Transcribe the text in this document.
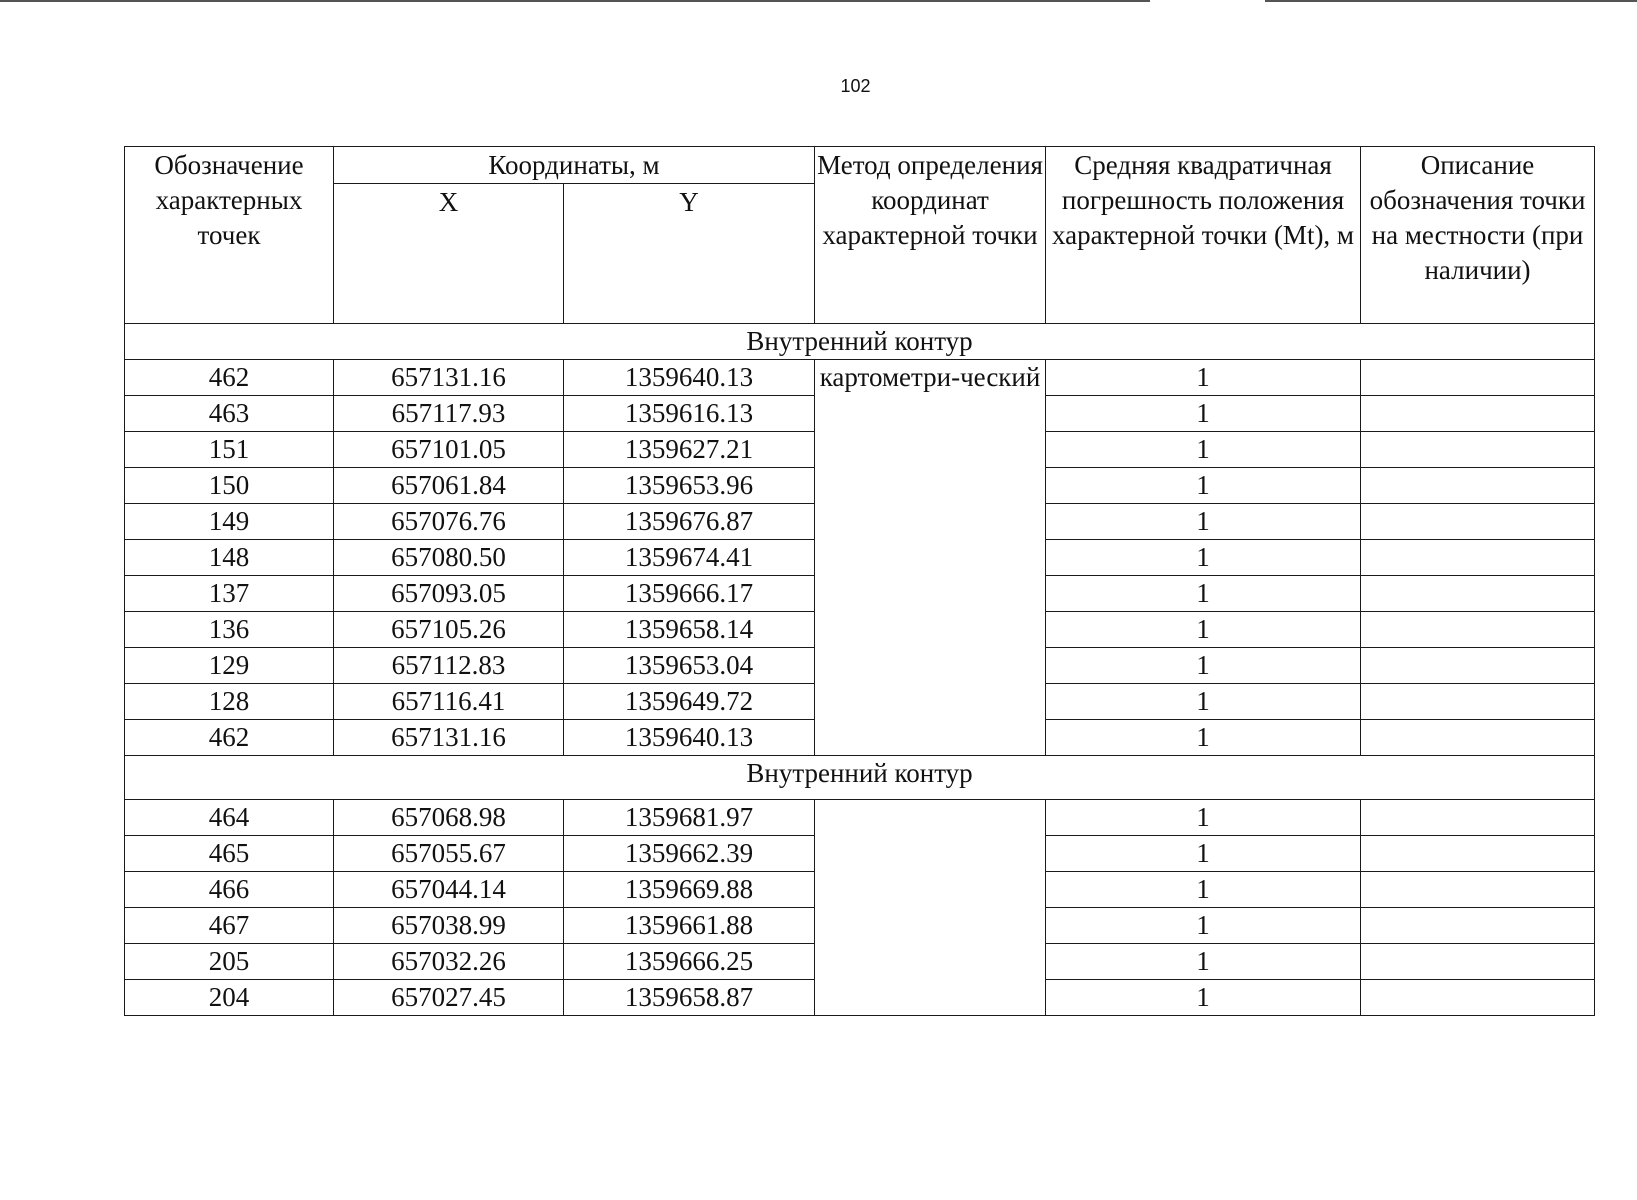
102
Обозначение характерных точек	Координаты, м		Метод определения координат характерной точки	Средняя квадратичная погрешность положения характерной точки (Mt), м	Описание обозначения точки на местности (при наличии)
	X	Y			
Внутренний контур					
462	657131.16	1359640.13	картометри-ческий	1	
463	657117.93	1359616.13		1	
151	657101.05	1359627.21		1	
150	657061.84	1359653.96		1	
149	657076.76	1359676.87		1	
148	657080.50	1359674.41		1	
137	657093.05	1359666.17		1	
136	657105.26	1359658.14		1	
129	657112.83	1359653.04		1	
128	657116.41	1359649.72		1	
462	657131.16	1359640.13		1	
Внутренний контур					
464	657068.98	1359681.97		1	
465	657055.67	1359662.39		1	
466	657044.14	1359669.88		1	
467	657038.99	1359661.88		1	
205	657032.26	1359666.25		1	
204	657027.45	1359658.87		1	
